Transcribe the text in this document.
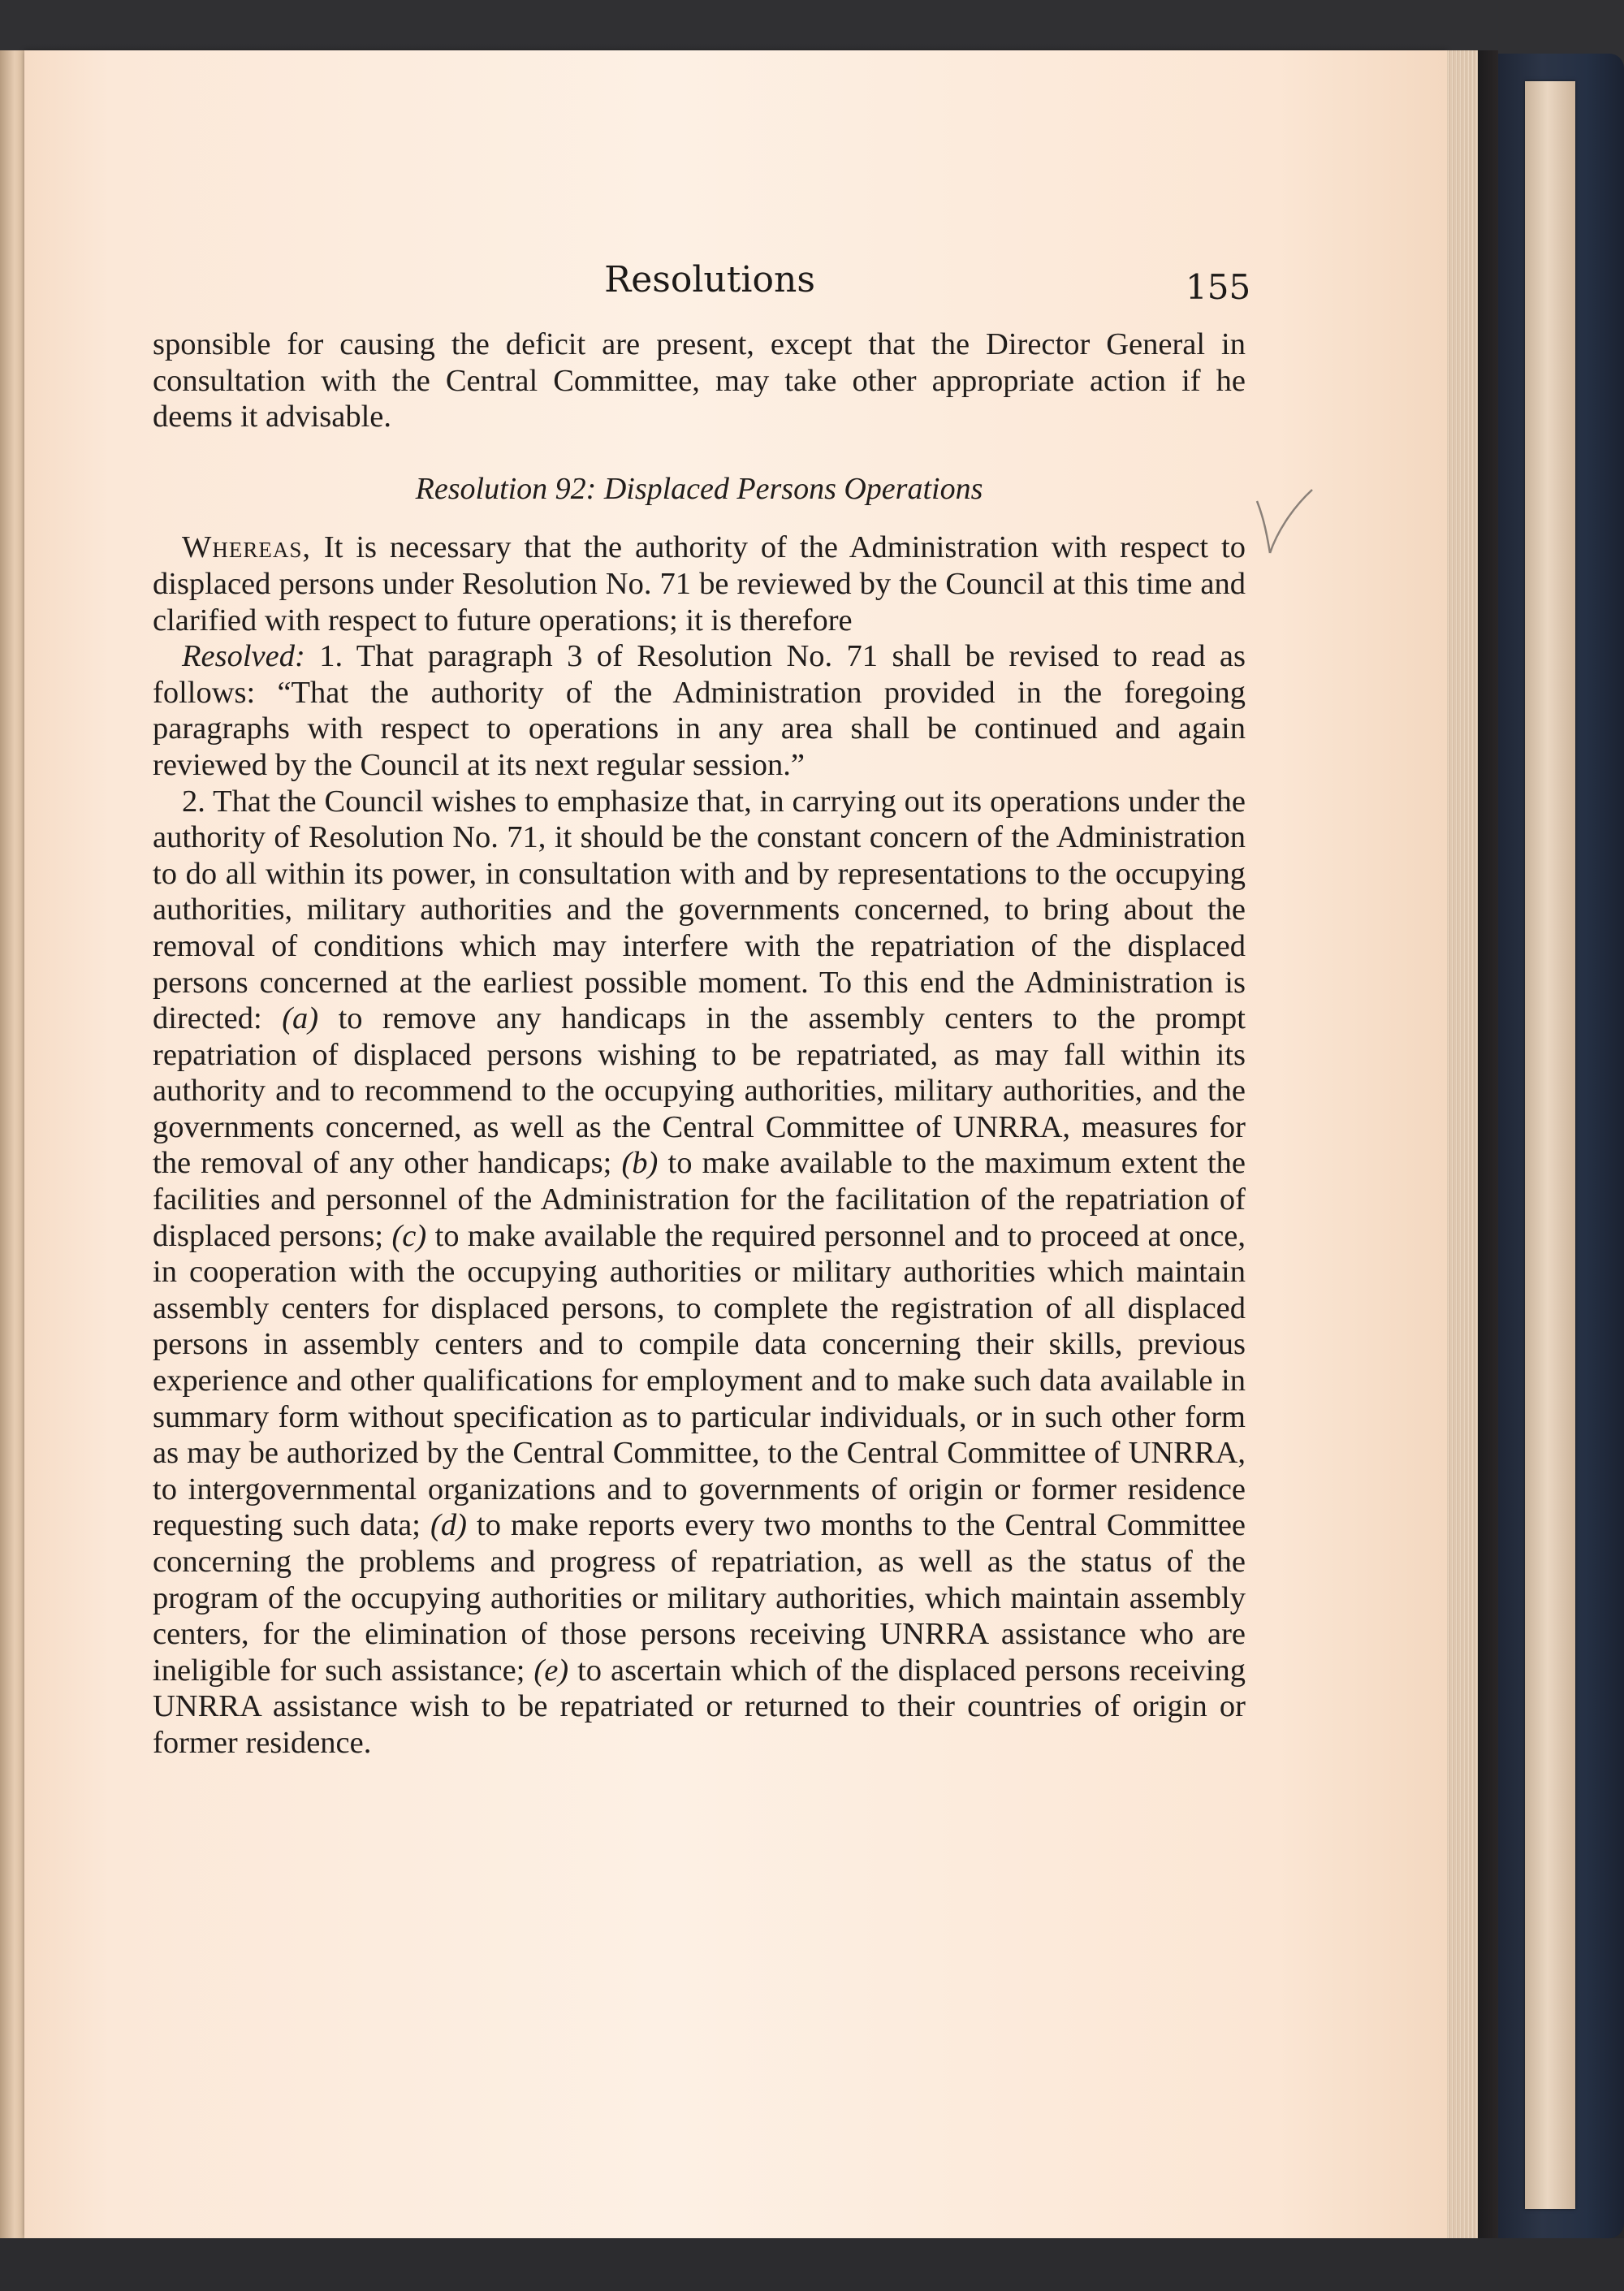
Resolutions	155

sponsible for causing the deficit are present, except that the Director General in consultation with the Central Committee, may take other appropriate action if he deems it advisable.

Resolution 92: Displaced Persons Operations

Whereas, It is necessary that the authority of the Administration with respect to displaced persons under Resolution No. 71 be reviewed by the Council at this time and clarified with respect to future operations; it is therefore

Resolved: 1. That paragraph 3 of Resolution No. 71 shall be revised to read as follows: “That the authority of the Administration provided in the foregoing paragraphs with respect to operations in any area shall be continued and again reviewed by the Council at its next regular session.”

2. That the Council wishes to emphasize that, in carrying out its operations under the authority of Resolution No. 71, it should be the constant concern of the Administration to do all within its power, in consultation with and by representations to the occupying authorities, military authorities and the governments concerned, to bring about the removal of conditions which may interfere with the repatriation of the displaced persons concerned at the earliest possible moment. To this end the Administration is directed: (a) to remove any handicaps in the assembly centers to the prompt repatriation of displaced persons wishing to be repatriated, as may fall within its authority and to recommend to the occupying authorities, military authorities, and the governments concerned, as well as the Central Committee of UNRRA, measures for the removal of any other handicaps; (b) to make available to the maximum extent the facilities and personnel of the Administration for the facilitation of the repatriation of displaced persons; (c) to make available the required personnel and to proceed at once, in cooperation with the occupying authorities or military authorities which maintain assembly centers for displaced persons, to complete the registration of all displaced persons in assembly centers and to compile data concerning their skills, previous experience and other qualifications for employment and to make such data available in summary form without specification as to particular individuals, or in such other form as may be authorized by the Central Committee, to the Central Committee of UNRRA, to intergovernmental organizations and to governments of origin or former residence requesting such data; (d) to make reports every two months to the Central Committee concerning the problems and progress of repatriation, as well as the status of the program of the occupying authorities or military authorities, which maintain assembly centers, for the elimination of those persons receiving UNRRA assistance who are ineligible for such assistance; (e) to ascertain which of the displaced persons receiving UNRRA assistance wish to be repatriated or returned to their countries of origin or former residence.
